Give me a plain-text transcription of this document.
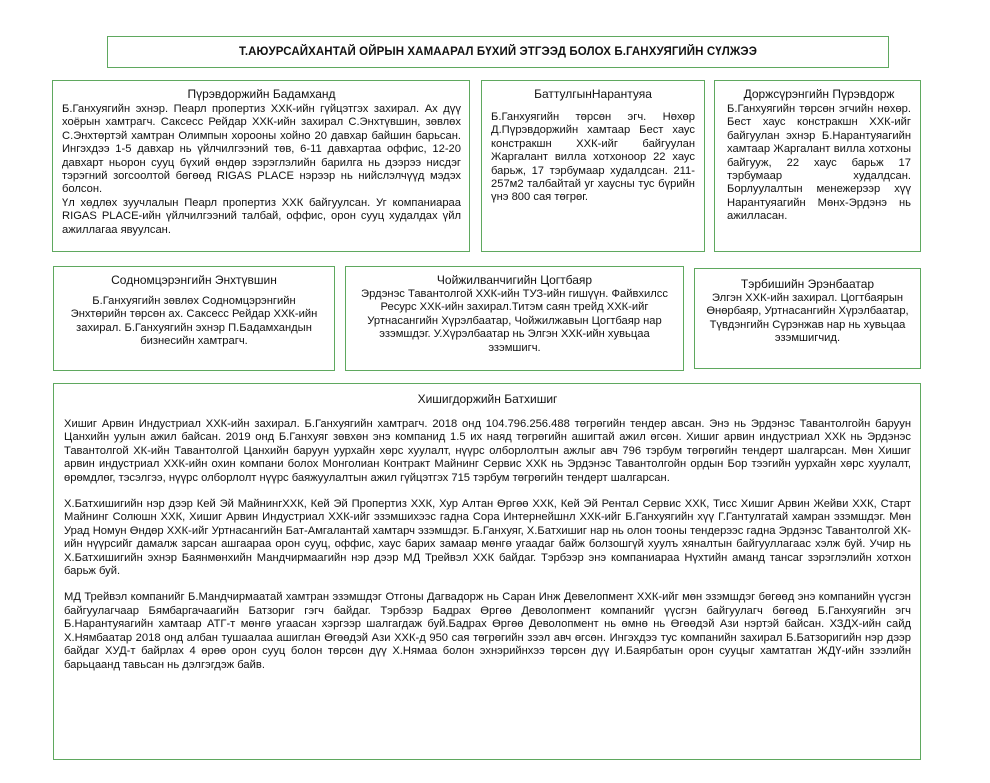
Т.АЮУРСАЙХАНТАЙ ОЙРЫН ХАМААРАЛ БҮХИЙ ЭТГЭЭД БОЛОХ Б.ГАНХУЯГИЙН СҮЛЖЭЭ
Пүрэвдоржийн Бадамханд

Б.Ганхуягийн эхнэр. Пеарл пропертиз ХХК-ийн гүйцэтгэх захирал. Ах дүү хоёрын хамтрагч. Саксесс Рейдар ХХК-ийн захирал С.Энхтүвшин, зөвлөх С.Энхтөртэй хамтран Олимпын хорооны хойно 20 давхар байшин барьсан. Ингэхдээ 1-5 давхар нь үйлчилгээний төв, 6-11 давхартаа оффис, 12-20 давхарт ньорон сууц бүхий өндөр зэрэглэлийн барилга нь дээрээ нисдэг тэрэгний зогсоолтой бөгөөд RIGAS PLACE нэрээр нь нийслэлчүүд мэдэх болсон.

Үл хөдлөх зуучлалын Пеарл пропертиз ХХК байгуулсан. Уг компаниараа RIGAS PLACE-ийн үйлчилгээний талбай, оффис, орон сууц худалдах үйл ажиллагаа явуулсан.

БаттулгынНарантуяа

Б.Ганхуягийн төрсөн эгч. Нөхөр Д.Пүрэвдоржийн хамтаар Бест хаус констракшн ХХК-ийг байгуулан Жаргалант вилла хотхоноор 22 хаус барьж, 17 тэрбумаар худалдсан. 211-257м2 талбайтай уг хаусны тус бүрийн үнэ 800 сая төгрөг.

Доржсүрэнгийн Пүрэвдорж

Б.Ганхуягийн төрсөн эгчийн нөхөр. Бест хаус констракшн ХХК-ийг байгуулан эхнэр Б.Нарантуяагийн хамтаар Жаргалант вилла хотхоны байгууж, 22 хаус барьж 17 тэрбумаар худалдсан. Борлуулалтын менежерээр хүү Нарантуяагийн Мөнх-Эрдэнэ нь ажилласан.

Содномцэрэнгийн Энхтүвшин

Б.Ганхуягийн зөвлөх Содномцэрэнгийн Энхтөрийн төрсөн ах. Саксесс Рейдар ХХК-ийн захирал. Б.Ганхуягийн эхнэр П.Бадамхандын бизнесийн хамтрагч.

Чойжилванчигийн Цогтбаяр

Эрдэнэс Тавантолгой ХХК-ийн ТУЗ-ийн гишүүн. Файвхилсс Ресурс ХХК-ийн захирал.Титэм саян трейд ХХК-ийг Уртнасангийн Хүрэлбаатар, Чойжилжавын Цогтбаяр нар эзэмшдэг. У.Хүрэлбаатар нь Элгэн ХХК-ийн хувьцаа эзэмшигч.

Тэрбишийн Эрэнбаатар

Элгэн ХХК-ийн захирал. Цогтбаярын Өнөрбаяр, Уртнасангийн Хүрэлбаатар, Түвдэнгийн Сүрэнжав нар нь хувьцаа эзэмшигчид.

Хишигдоржийн Батхишиг

Хишиг Арвин Индустриал ХХК-ийн захирал. Б.Ганхуягийн хамтрагч. 2018 онд 104.796.256.488 төгрөгийн тендер авсан. Энэ нь Эрдэнэс Тавантолгойн баруун Цанхийн уулын ажил байсан. 2019 онд Б.Ганхуяг зөвхөн энэ компанид 1.5 их наяд төгрөгийн ашигтай ажил өгсөн. Хишиг арвин индустриал ХХК нь Эрдэнэс Тавантолгой ХК-ийн Тавантолгой Цанхийн баруун уурхайн хөрс хуулалт, нүүрс олборлолтын ажлыг авч 796 тэрбум төгрөгийн тендерт шалгарсан. Мөн Хишиг арвин индустриал ХХК-ийн охин компани болох Монголиан Контракт Майнинг Сервис ХХК нь Эрдэнэс Тавантолгойн ордын Бор тээгийн уурхайн хөрс хуулалт, өрөмдлөг, тэсэлгээ, нүүрс олборлолт нүүрс баяжуулалтын ажил гүйцэтгэх 715 тэрбум төгрөгийн тендерт шалгарсан.

Х.Батхишигийн нэр дээр Кей Эй МайнингХХК, Кей Эй Пропертиз ХХК, Хур Алтан Өргөө ХХК, Кей Эй Рентал Сервис ХХК, Тисс Хишиг Арвин Жейви ХХК, Старт Майнинг Солюшн ХХК, Хишиг Арвин Индустриал ХХК-ийг эзэмшихээс гадна Сора Интернейшнл ХХК-ийг Б.Ганхуягийн хүү Г.Гантулгатай хамран эзэмшдэг. Мөн Урад Номун Өндөр ХХК-ийг Уртнасангийн Бат-Амгалантай хамтарч эзэмшдэг. Б.Ганхуяг, Х.Батхишиг нар нь олон тооны тендерээс гадна Эрдэнэс Тавантолгой ХК-ийн нүүрсийг дамалж зарсан ашгаараа орон сууц, оффис, хаус барих замаар мөнгө угаадаг байж болзошгүй хуулъ хяналтын байгууллагаас хэлж буй. Учир нь Х.Батхишигийн эхнэр Баянмөнхийн Мандчирмаагийн нэр дээр МД Трейвэл ХХК байдаг. Тэрбээр энэ компаниараа Нүхтийн аманд тансаг зэрэглэлийн хотхон барьж буй.

МД Трейвэл компанийг Б.Мандчирмаатай хамтран эзэмшдэг Отгоны Дагвадорж нь Саран Инж Девелопмент ХХК-ийг мөн эзэмшдэг бөгөөд энэ компанийн үүсгэн байгуулагчаар Бямбаргачаагийн Батзориг гэгч байдаг. Тэрбээр Бадрах Өргөө Деволопмент компанийг үүсгэн байгуулагч бөгөөд Б.Ганхуягийн эгч Б.Нарантуяагийн хамтаар АТГ-т мөнгө угаасан хэргээр шалгагдаж буй.Бадрах Өргөө Деволопмент нь өмнө нь Өгөөдэй Ази нэртэй байсан. ХЗДХ-ийн сайд Х.Нямбаатар 2018 онд албан тушаалаа ашиглан Өгөөдэй Ази ХХК-д 950 сая төгрөгийн зээл авч өгсөн. Ингэхдээ тус компанийн захирал Б.Батзоригийн нэр дээр байдаг ХУД-т байрлах 4 өрөө орон сууц болон төрсөн дүү Х.Нямаа болон эхнэрийнхээ төрсөн дүү И.Баярбатын орон сууцыг хамтатган ЖДҮ-ийн зээлийн барьцаанд тавьсан нь дэлгэгдэж байв.
